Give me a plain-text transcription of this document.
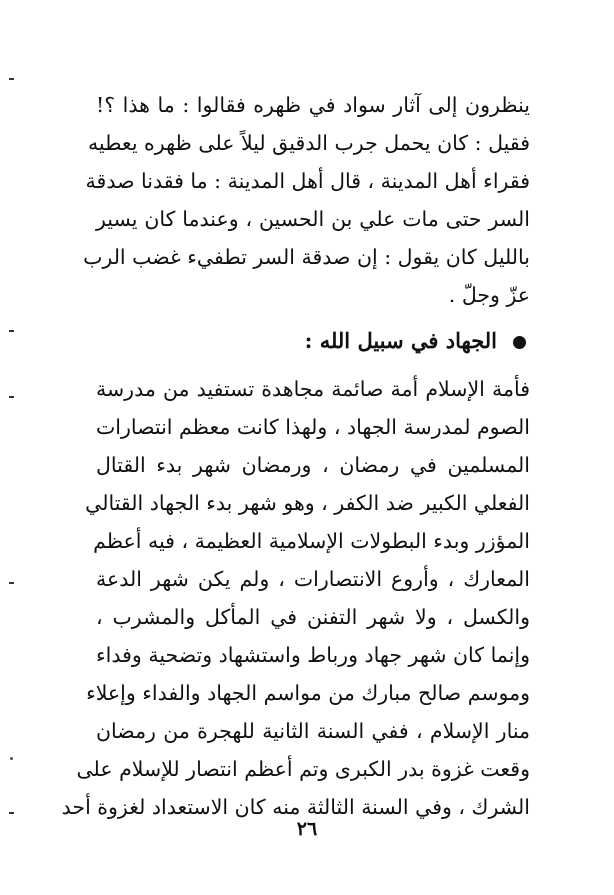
ينظرون إلى آثار سواد في ظهره فقالوا : ما هذا ؟!
فقيل : كان يحمل جرب الدقيق ليلاً على ظهره يعطيه
فقراء أهل المدينة ، قال أهل المدينة : ما فقدنا صدقة
السر حتى مات علي بن الحسين ، وعندما كان يسير
بالليل كان يقول : إن صدقة السر تطفيء غضب الرب
عزّ وجلّ .
الجهاد في سبيل الله :
فأمة الإسلام أمة صائمة مجاهدة تستفيد من مدرسة
الصوم لمدرسة الجهاد ، ولهذا كانت معظم انتصارات
المسلمين في رمضان ، ورمضان شهر بدء القتال
الفعلي الكبير ضد الكفر ، وهو شهر بدء الجهاد القتالي
المؤزر وبدء البطولات الإسلامية العظيمة ، فيه أعظم
المعارك ، وأروع الانتصارات ، ولم يكن شهر الدعة
والكسل ، ولا شهر التفنن في المأكل والمشرب ،
وإنما كان شهر جهاد ورباط واستشهاد وتضحية وفداء
وموسم صالح مبارك من مواسم الجهاد والفداء وإعلاء
منار الإسلام ، ففي السنة الثانية للهجرة من رمضان
وقعت غزوة بدر الكبرى وتم أعظم انتصار للإسلام على
الشرك ، وفي السنة الثالثة منه كان الاستعداد لغزوة أحد
٢٦
